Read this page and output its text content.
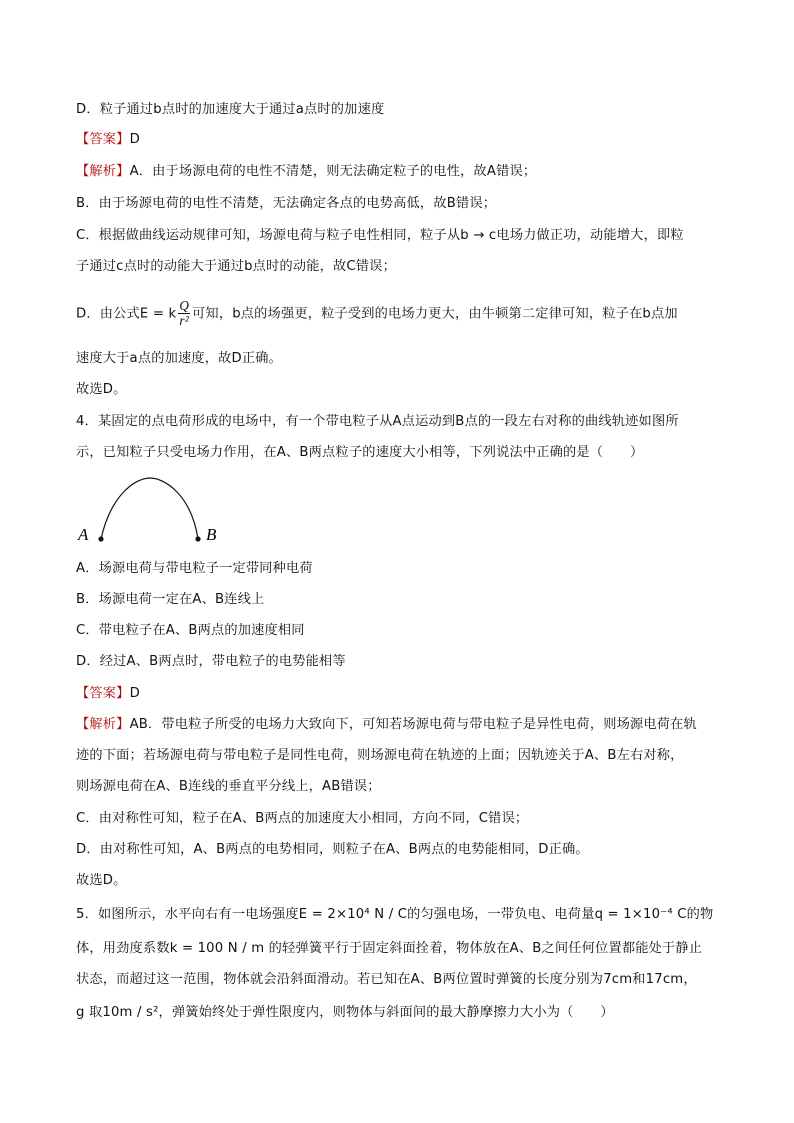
D．粒子通过b点时的加速度大于通过a点时的加速度
【答案】D
【解析】A．由于场源电荷的电性不清楚，则无法确定粒子的电性，故A错误；
B．由于场源电荷的电性不清楚，无法确定各点的电势高低，故B错误；
C．根据做曲线运动规律可知，场源电荷与粒子电性相同，粒子从b → c电场力做正功，动能增大，即粒
子通过c点时的动能大于通过b点时的动能，故C错误；
D．由公式E = k $\frac{Q}{\text{r²}}$ 可知，b点的场强更，粒子受到的电场力更大，由牛顿第二定律可知，粒子在b点加
速度大于a点的加速度，故D正确。
故选D。
4．某固定的点电荷形成的电场中，有一个带电粒子从A点运动到B点的一段左右对称的曲线轨迹如图所
示，已知粒子只受电场力作用，在A、B两点粒子的速度大小相等，下列说法中正确的是（　　）
A	B
A．场源电荷与带电粒子一定带同种电荷
B．场源电荷一定在A、B连线上
C．带电粒子在A、B两点的加速度相同
D．经过A、B两点时，带电粒子的电势能相等
【答案】D
【解析】AB．带电粒子所受的电场力大致向下，可知若场源电荷与带电粒子是异性电荷，则场源电荷在轨
迹的下面；若场源电荷与带电粒子是同性电荷，则场源电荷在轨迹的上面；因轨迹关于A、B左右对称，
则场源电荷在A、B连线的垂直平分线上，AB错误；
C．由对称性可知，粒子在A、B两点的加速度大小相同，方向不同，C错误；
D．由对称性可知，A、B两点的电势相同，则粒子在A、B两点的电势能相同，D正确。
故选D。
5．如图所示，水平向右有一电场强度E = 2×10⁴ N / C的匀强电场，一带负电、电荷量q = 1×10⁻⁴ C的物
体，用劲度系数k = 100 N / m 的轻弹簧平行于固定斜面拴着，物体放在A、B之间任何位置都能处于静止
状态，而超过这一范围，物体就会沿斜面滑动。若已知在A、B两位置时弹簧的长度分别为7cm和17cm，
g 取10m / s²，弹簧始终处于弹性限度内，则物体与斜面间的最大静摩擦力大小为（　　）
